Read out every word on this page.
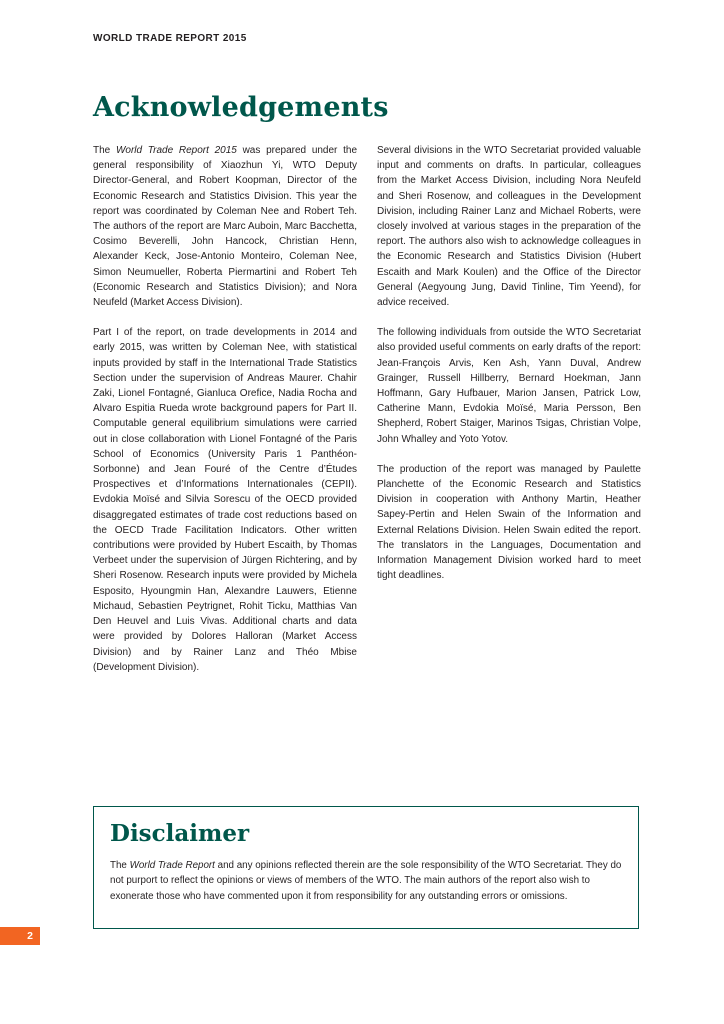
WORLD TRADE REPORT 2015
Acknowledgements

The World Trade Report 2015 was prepared under the general responsibility of Xiaozhun Yi, WTO Deputy Director-General, and Robert Koopman, Director of the Economic Research and Statistics Division. This year the report was coordinated by Coleman Nee and Robert Teh. The authors of the report are Marc Auboin, Marc Bacchetta, Cosimo Beverelli, John Hancock, Christian Henn, Alexander Keck, Jose-Antonio Monteiro, Coleman Nee, Simon Neumueller, Roberta Piermartini and Robert Teh (Economic Research and Statistics Division); and Nora Neufeld (Market Access Division).

Part I of the report, on trade developments in 2014 and early 2015, was written by Coleman Nee, with statistical inputs provided by staff in the International Trade Statistics Section under the supervision of Andreas Maurer. Chahir Zaki, Lionel Fontagné, Gianluca Orefice, Nadia Rocha and Alvaro Espitia Rueda wrote background papers for Part II. Computable general equilibrium simulations were carried out in close collaboration with Lionel Fontagné of the Paris School of Economics (University Paris 1 Panthéon-Sorbonne) and Jean Fouré of the Centre d’Études Prospectives et d’Informations Internationales (CEPII). Evdokia Moïsé and Silvia Sorescu of the OECD provided disaggregated estimates of trade cost reductions based on the OECD Trade Facilitation Indicators. Other written contributions were provided by Hubert Escaith, by Thomas Verbeet under the supervision of Jürgen Richtering, and by Sheri Rosenow. Research inputs were provided by Michela Esposito, Hyoungmin Han, Alexandre Lauwers, Etienne Michaud, Sebastien Peytrignet, Rohit Ticku, Matthias Van Den Heuvel and Luis Vivas. Additional charts and data were provided by Dolores Halloran (Market Access Division) and by Rainer Lanz and Théo Mbise (Development Division).

Several divisions in the WTO Secretariat provided valuable input and comments on drafts. In particular, colleagues from the Market Access Division, including Nora Neufeld and Sheri Rosenow, and colleagues in the Development Division, including Rainer Lanz and Michael Roberts, were closely involved at various stages in the preparation of the report. The authors also wish to acknowledge colleagues in the Economic Research and Statistics Division (Hubert Escaith and Mark Koulen) and the Office of the Director General (Aegyoung Jung, David Tinline, Tim Yeend), for advice received.

The following individuals from outside the WTO Secretariat also provided useful comments on early drafts of the report: Jean-François Arvis, Ken Ash, Yann Duval, Andrew Grainger, Russell Hillberry, Bernard Hoekman, Jann Hoffmann, Gary Hufbauer, Marion Jansen, Patrick Low, Catherine Mann, Evdokia Moïsé, Maria Persson, Ben Shepherd, Robert Staiger, Marinos Tsigas, Christian Volpe, John Whalley and Yoto Yotov.

The production of the report was managed by Paulette Planchette of the Economic Research and Statistics Division in cooperation with Anthony Martin, Heather Sapey-Pertin and Helen Swain of the Information and External Relations Division. Helen Swain edited the report. The translators in the Languages, Documentation and Information Management Division worked hard to meet tight deadlines.

Disclaimer

The World Trade Report and any opinions reflected therein are the sole responsibility of the WTO Secretariat. They do not purport to reflect the opinions or views of members of the WTO. The main authors of the report also wish to exonerate those who have commented upon it from responsibility for any outstanding errors or omissions.

2
